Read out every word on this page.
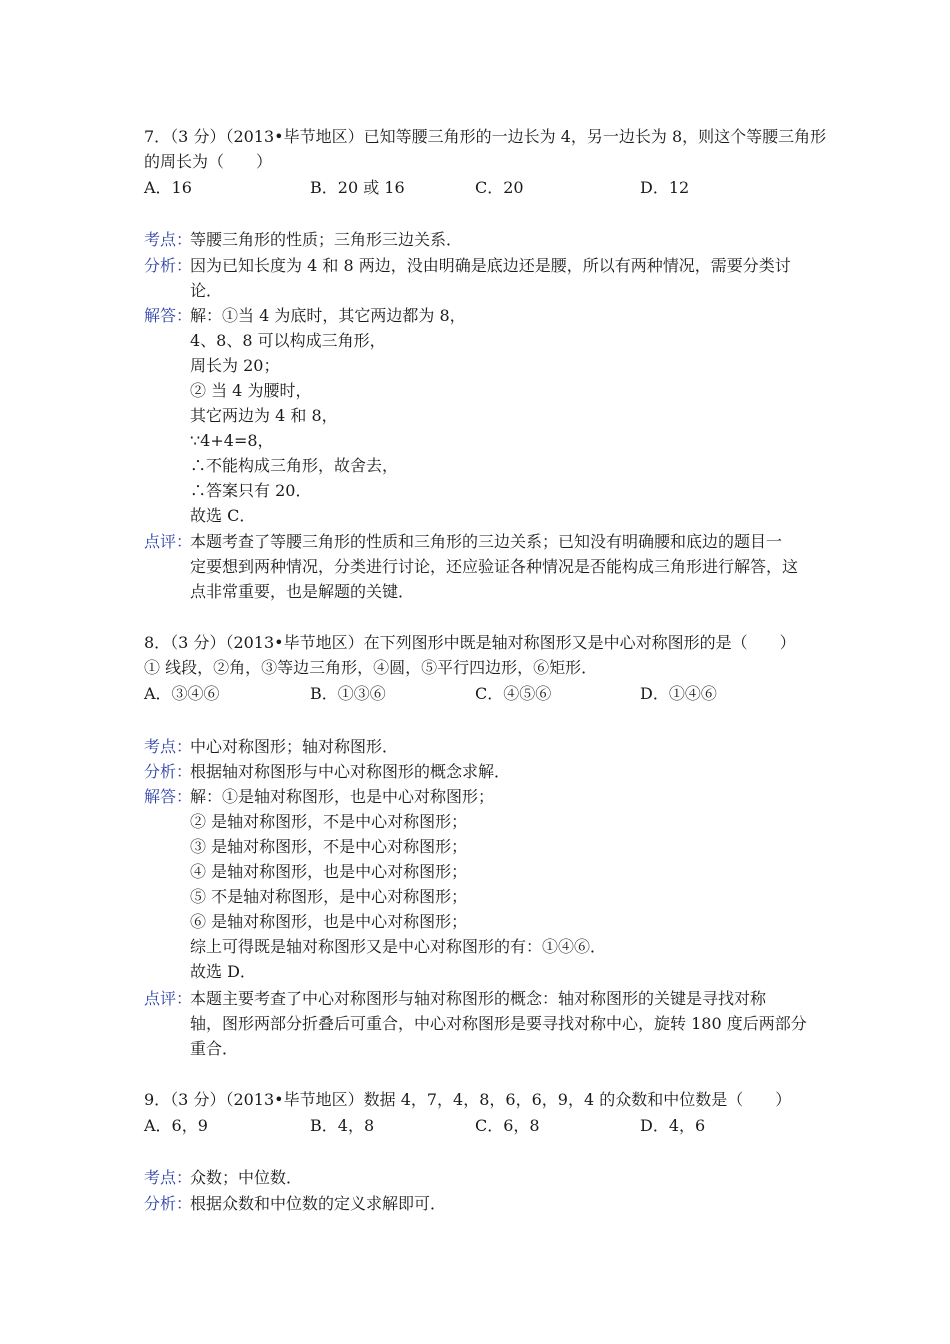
7．（3 分）（2013•毕节地区）已知等腰三角形的一边长为 4，另一边长为 8，则这个等腰三角形
的周长为（　　）
A．16	B．20 或 16	C．20	D．12
考点：
等腰三角形的性质；三角形三边关系．
分析：
因为已知长度为 4 和 8 两边，没由明确是底边还是腰，所以有两种情况，需要分类讨
论．
解答：
解：①当 4 为底时，其它两边都为 8，
4、8、8 可以构成三角形，
周长为 20；
② 当 4 为腰时，
其它两边为 4 和 8，
∵4+4=8，
∴不能构成三角形，故舍去，
∴答案只有 20．
故选 C．
点评：
本题考查了等腰三角形的性质和三角形的三边关系；已知没有明确腰和底边的题目一
定要想到两种情况，分类进行讨论，还应验证各种情况是否能构成三角形进行解答，这
点非常重要，也是解题的关键．
8．（3 分）（2013•毕节地区）在下列图形中既是轴对称图形又是中心对称图形的是（　　）
① 线段，②角，③等边三角形，④圆，⑤平行四边形，⑥矩形．
A．③④⑥	B．①③⑥	C．④⑤⑥	D．①④⑥
考点：
中心对称图形；轴对称图形．
分析：
根据轴对称图形与中心对称图形的概念求解．
解答：
解：①是轴对称图形，也是中心对称图形；
② 是轴对称图形，不是中心对称图形；
③ 是轴对称图形，不是中心对称图形；
④ 是轴对称图形，也是中心对称图形；
⑤ 不是轴对称图形，是中心对称图形；
⑥ 是轴对称图形，也是中心对称图形；
综上可得既是轴对称图形又是中心对称图形的有：①④⑥．
故选 D．
点评：
本题主要考查了中心对称图形与轴对称图形的概念：轴对称图形的关键是寻找对称
轴，图形两部分折叠后可重合，中心对称图形是要寻找对称中心，旋转 180 度后两部分
重合．
9．（3 分）（2013•毕节地区）数据 4，7，4，8，6，6，9，4 的众数和中位数是（　　）
A．6，9	B．4，8	C．6，8	D．4，6
考点：
众数；中位数．
分析：
根据众数和中位数的定义求解即可．
